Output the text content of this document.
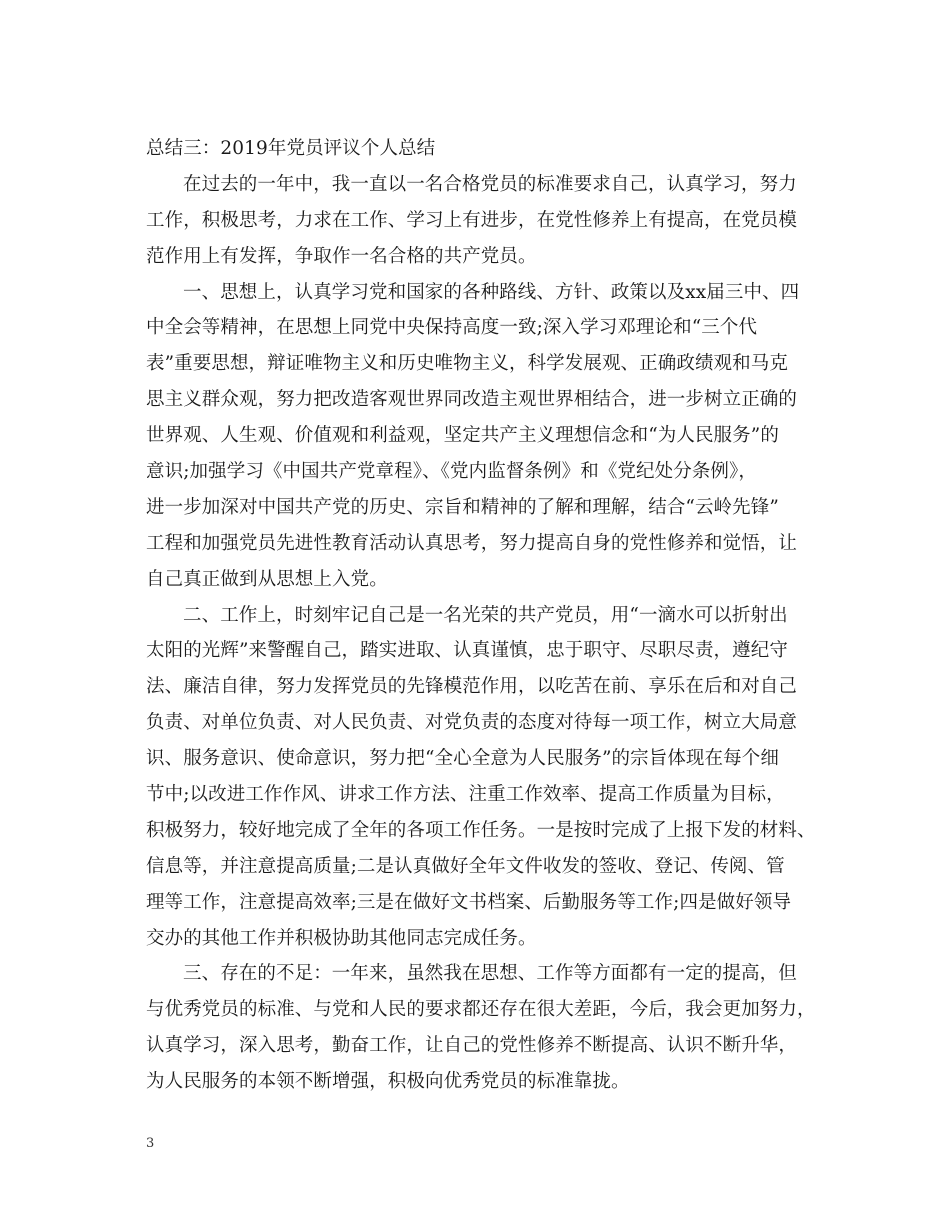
总结三：2019年党员评议个人总结
在过去的一年中，我一直以一名合格党员的标准要求自己，认真学习，努力
工作，积极思考，力求在工作、学习上有进步，在党性修养上有提高，在党员模
范作用上有发挥，争取作一名合格的共产党员。
一、思想上，认真学习党和国家的各种路线、方针、政策以及xx届三中、四
中全会等精神，在思想上同党中央保持高度一致;深入学习邓理论和“三个代
表”重要思想，辩证唯物主义和历史唯物主义，科学发展观、正确政绩观和马克
思主义群众观，努力把改造客观世界同改造主观世界相结合，进一步树立正确的
世界观、人生观、价值观和利益观，坚定共产主义理想信念和“为人民服务”的
意识;加强学习《中国共产党章程》、《党内监督条例》和《党纪处分条例》，
进一步加深对中国共产党的历史、宗旨和精神的了解和理解，结合“云岭先锋”
工程和加强党员先进性教育活动认真思考，努力提高自身的党性修养和觉悟，让
自己真正做到从思想上入党。
二、工作上，时刻牢记自己是一名光荣的共产党员，用“一滴水可以折射出
太阳的光辉”来警醒自己，踏实进取、认真谨慎，忠于职守、尽职尽责，遵纪守
法、廉洁自律，努力发挥党员的先锋模范作用，以吃苦在前、享乐在后和对自己
负责、对单位负责、对人民负责、对党负责的态度对待每一项工作，树立大局意
识、服务意识、使命意识，努力把“全心全意为人民服务”的宗旨体现在每个细
节中;以改进工作作风、讲求工作方法、注重工作效率、提高工作质量为目标，
积极努力，较好地完成了全年的各项工作任务。一是按时完成了上报下发的材料、
信息等，并注意提高质量;二是认真做好全年文件收发的签收、登记、传阅、管
理等工作，注意提高效率;三是在做好文书档案、后勤服务等工作;四是做好领导
交办的其他工作并积极协助其他同志完成任务。
三、存在的不足：一年来，虽然我在思想、工作等方面都有一定的提高，但
与优秀党员的标准、与党和人民的要求都还存在很大差距，今后，我会更加努力，
认真学习，深入思考，勤奋工作，让自己的党性修养不断提高、认识不断升华，
为人民服务的本领不断增强，积极向优秀党员的标准靠拢。
3
